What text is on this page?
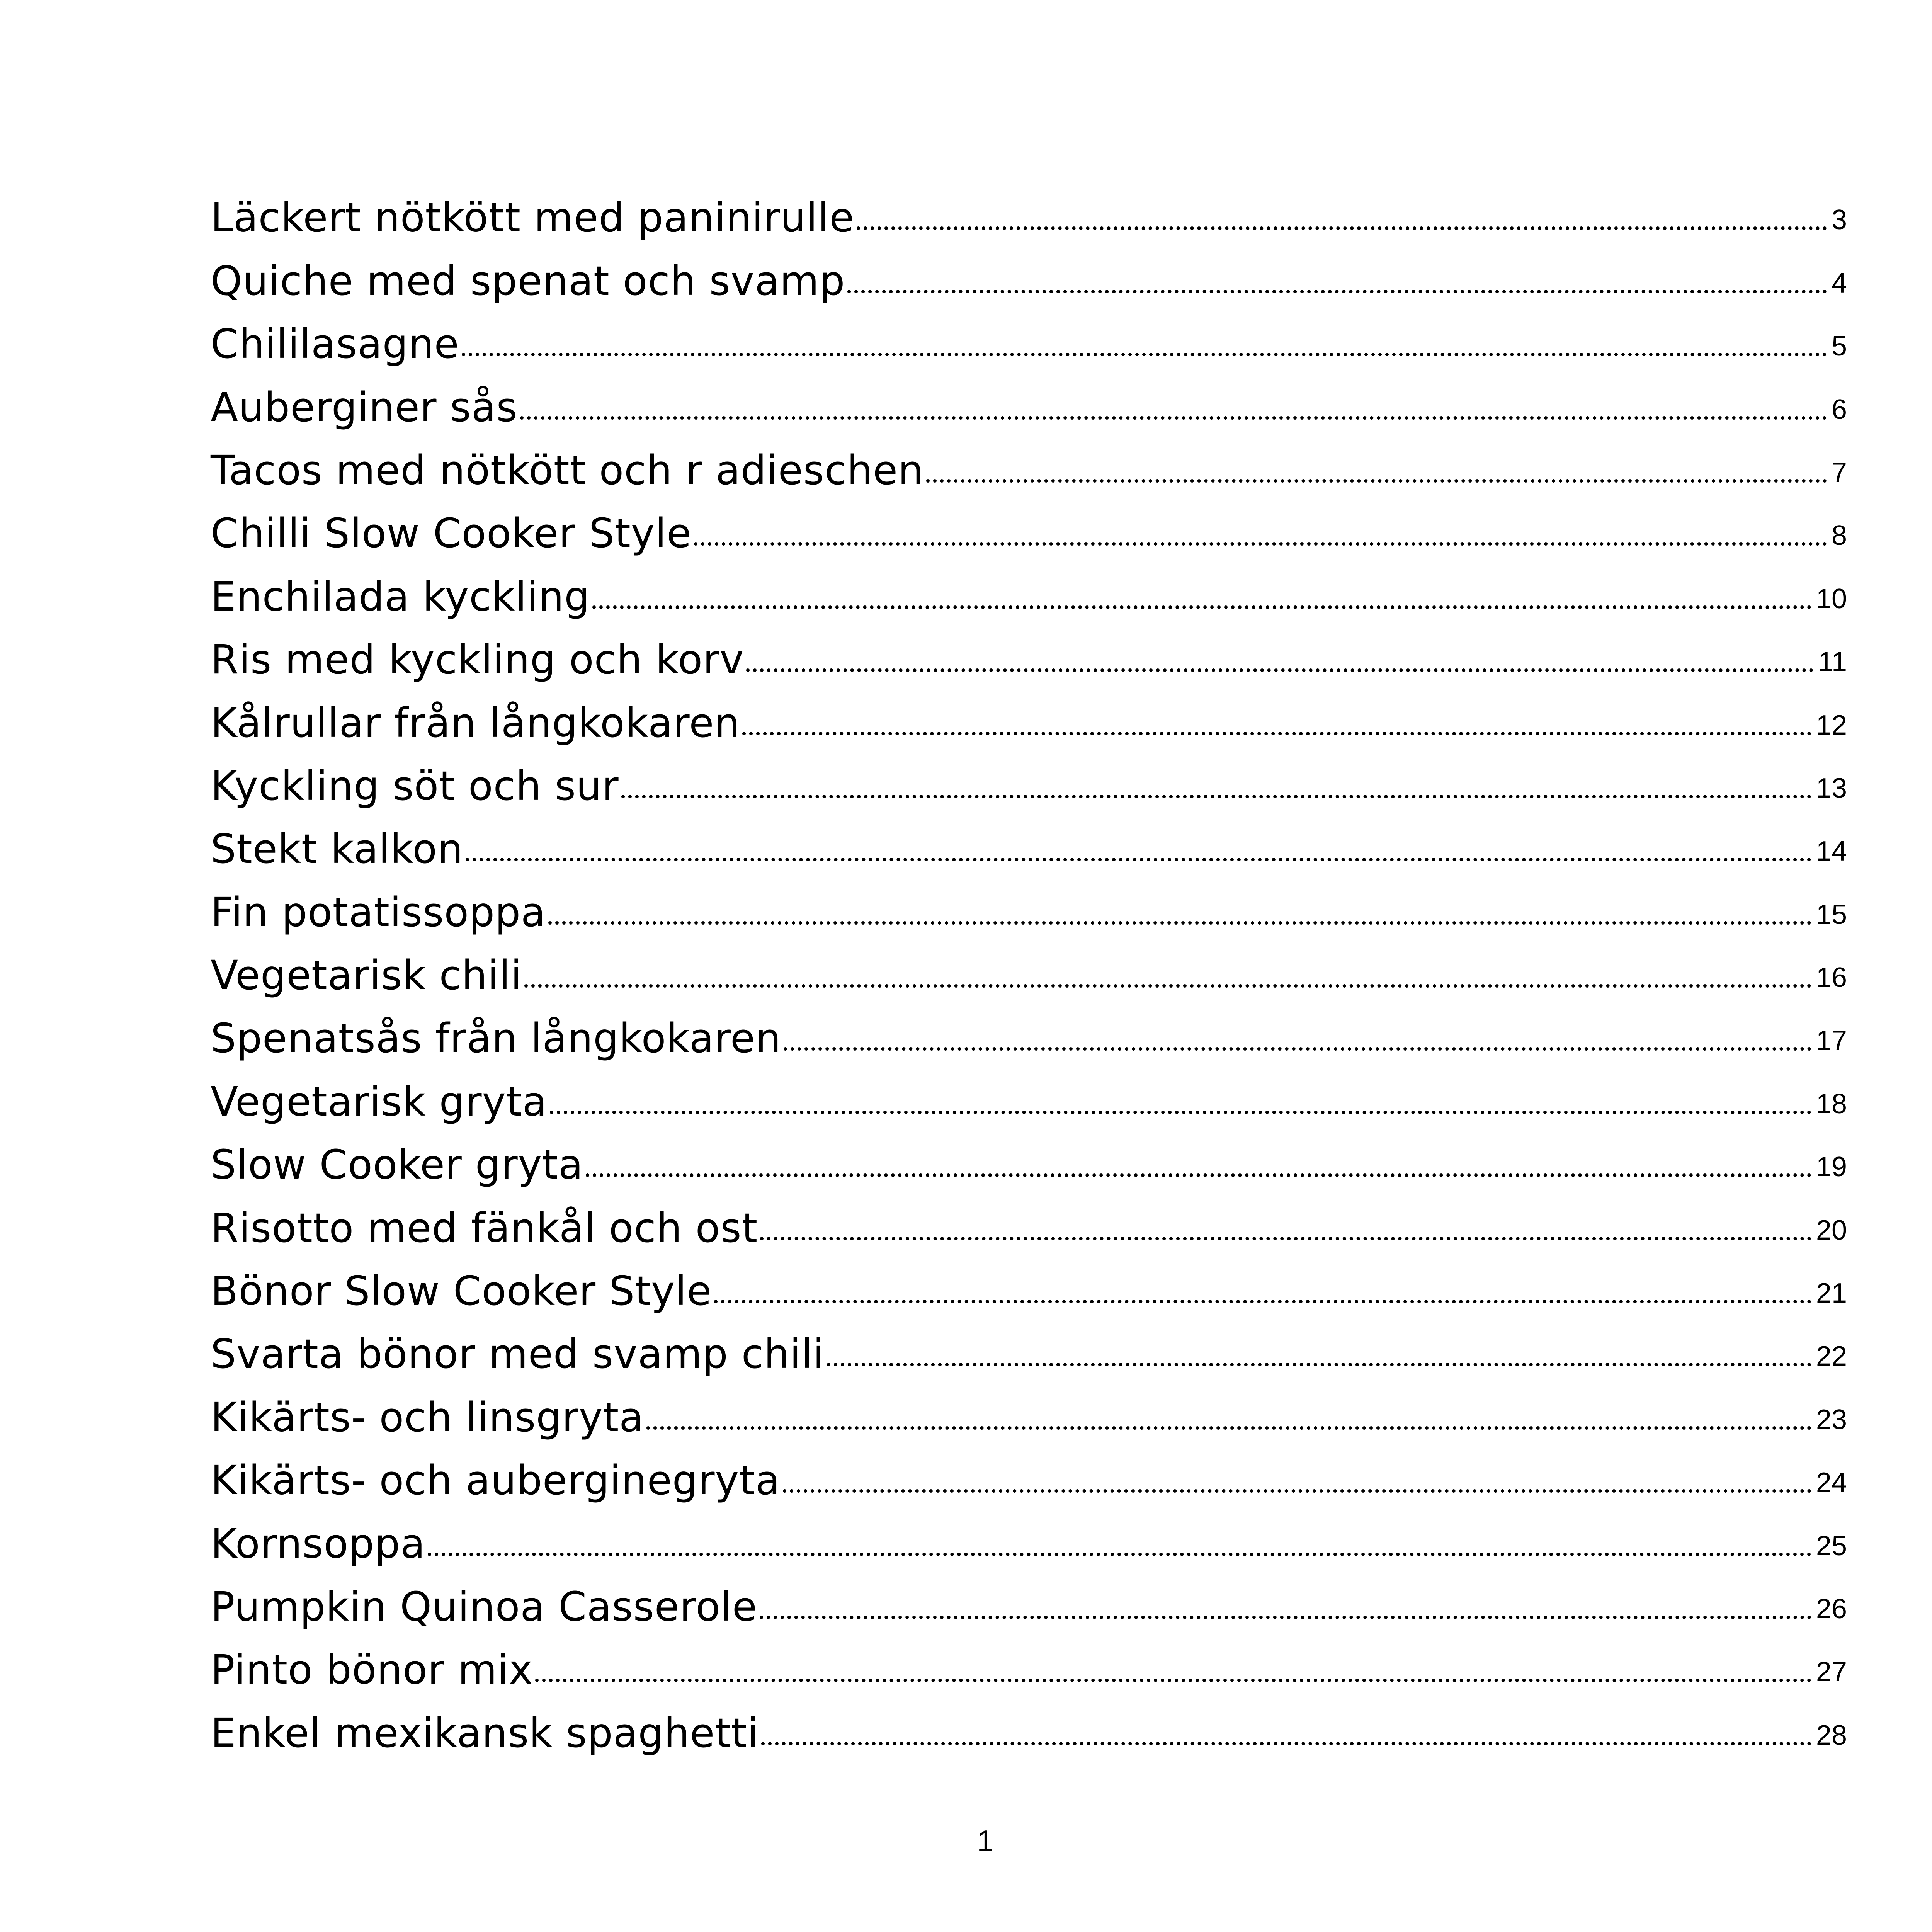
Läckert nötkött med paninirulle	3
Quiche med spenat och svamp	4
Chililasagne	5
Auberginer sås	6
Tacos med nötkött och r adieschen	7
Chilli Slow Cooker Style	8
Enchilada kyckling	10
Ris med kyckling och korv	11
Kålrullar från långkokaren	12
Kyckling söt och sur	13
Stekt kalkon	14
Fin potatissoppa	15
Vegetarisk chili	16
Spenatsås från långkokaren	17
Vegetarisk gryta	18
Slow Cooker gryta	19
Risotto med fänkål och ost	20
Bönor Slow Cooker Style	21
Svarta bönor med svamp chili	22
Kikärts- och linsgryta	23
Kikärts- och auberginegryta	24
Kornsoppa	25
Pumpkin Quinoa Casserole	26
Pinto bönor mix	27
Enkel mexikansk spaghetti	28
1
